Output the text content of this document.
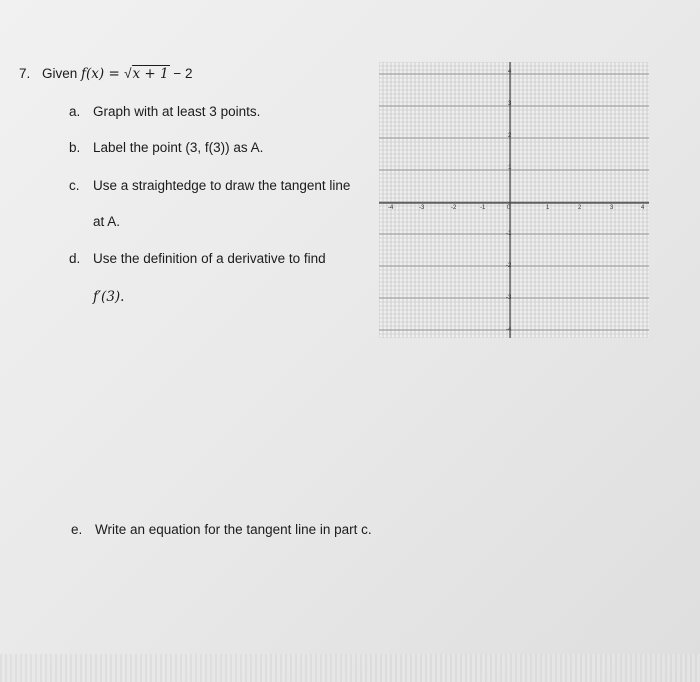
7. Given f(x) = √x + 1 − 2
a. Graph with at least 3 points.
b. Label the point (3, f(3)) as A.
c. Use a straightedge to draw the tangent line
at A.
d. Use the definition of a derivative to find
f′(3).
e. Write an equation for the tangent line in part c.
-4	-3	-2	-1	0	1	2	3	4
4
3
2
1
-1
-2
-3
-4
